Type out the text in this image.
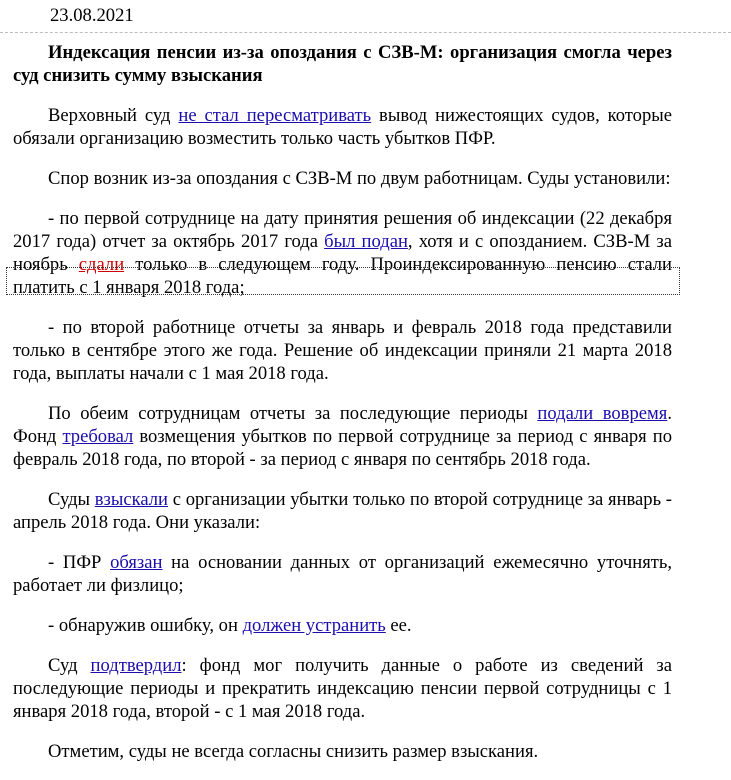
23.08.2021
Индексация пенсии из-за опоздания с СЗВ-М: организация смогла через суд снизить сумму взыскания

Верховный суд не стал пересматривать вывод нижестоящих судов, которые обязали организацию возместить только часть убытков ПФР.

Спор возник из-за опоздания с СЗВ-М по двум работницам. Суды установили:

- по первой сотруднице на дату принятия решения об индексации (22 декабря 2017 года) отчет за октябрь 2017 года был подан, хотя и с опозданием. СЗВ-М за ноябрь сдали только в следующем году. Проиндексированную пенсию стали платить с 1 января 2018 года;

- по второй работнице отчеты за январь и февраль 2018 года представили только в сентябре этого же года. Решение об индексации приняли 21 марта 2018 года, выплаты начали с 1 мая 2018 года.

По обеим сотрудницам отчеты за последующие периоды подали вовремя. Фонд требовал возмещения убытков по первой сотруднице за период с января по февраль 2018 года, по второй - за период с января по сентябрь 2018 года.

Суды взыскали с организации убытки только по второй сотруднице за январь - апрель 2018 года. Они указали:

- ПФР обязан на основании данных от организаций ежемесячно уточнять, работает ли физлицо;

- обнаружив ошибку, он должен устранить ее.

Суд подтвердил: фонд мог получить данные о работе из сведений за последующие периоды и прекратить индексацию пенсии первой сотрудницы с 1 января 2018 года, второй - с 1 мая 2018 года.

Отметим, суды не всегда согласны снизить размер взыскания.
